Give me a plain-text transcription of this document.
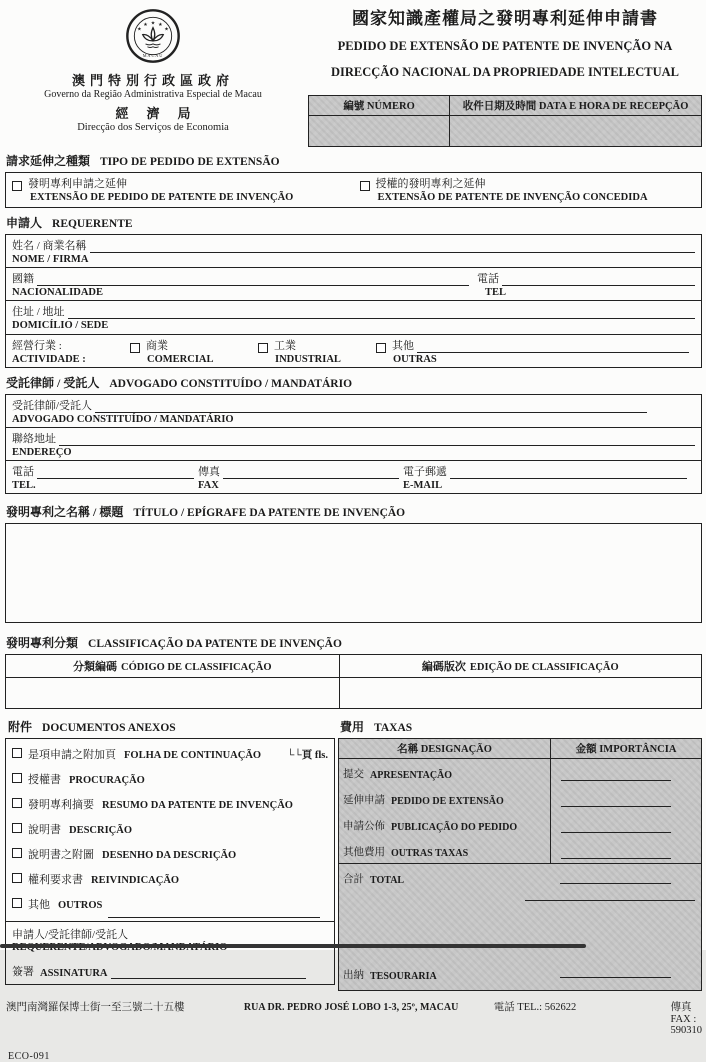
★
★ ★
★	★
MACAU
澳門特別行政區政府
Governo da Região Administrativa Especial de Macau
經濟局
Direcção dos Serviços de Economia
國家知識產權局之發明專利延伸申請書
PEDIDO DE EXTENSÃO DE PATENTE DE INVENÇÃO NA
DIRECÇÃO NACIONAL DA PROPRIEDADE INTELECTUAL
編號 NÚMERO	收件日期及時間 DATA E HORA DE RECEPÇÃO
請求延伸之種類 TIPO DE PEDIDO DE EXTENSÃO
發明專利申請之延伸
EXTENSÃO DE PEDIDO DE PATENTE DE INVENÇÃO
授權的發明專利之延伸
EXTENSÃO DE PATENTE DE INVENÇÃO CONCEDIDA
申請人 REQUERENTE
姓名 / 商業名稱
NOME / FIRMA
國籍	電話
NACIONALIDADE	TEL
住址 / 地址
DOMICÍLIO / SEDE
經營行業 :
ACTIVIDADE :
商業
COMERCIAL
工業
INDUSTRIAL
其他
OUTRAS
受託律師 / 受託人 ADVOGADO CONSTITUÍDO / MANDATÁRIO
受託律師/受託人
ADVOGADO CONSTITUÍDO / MANDATÁRIO
聯絡地址
ENDEREÇO
電話
TEL.
傳真
FAX
電子郵遞
E-MAIL
發明專利之名稱 / 標題 TÍTULO / EPÍGRAFE DA PATENTE DE INVENÇÃO
發明專利分類 CLASSIFICAÇÃO DA PATENTE DE INVENÇÃO
分類編碼 CÓDIGO DE CLASSIFICAÇÃO	編碼版次 EDIÇÃO DE CLASSIFICAÇÃO
附件 DOCUMENTOS ANEXOS
是項申請之附加頁 FOLHA DE CONTINUAÇÃO └└頁 fls.
授權書 PROCURAÇÃO
發明專利摘要 RESUMO DA PATENTE DE INVENÇÃO
說明書 DESCRIÇÃO
說明書之附圖 DESENHO DA DESCRIÇÃO
權利要求書 REIVINDICAÇÃO
其他 OUTROS
申請人/受託律師/受託人
簽署 ASSINATURA
費用 TAXAS
名稱 DESIGNAÇÃO	金額 IMPORTÂNCIA
提交 APRESENTAÇÃO
延伸申請 PEDIDO DE EXTENSÃO
申請公佈 PUBLICAÇÃO DO PEDIDO
其他費用 OUTRAS TAXAS
合計 TOTAL
出納 TESOURARIA
澳門南灣羅保博士街一至三號二十五樓	RUA DR. PEDRO JOSÉ LOBO 1-3, 25º, MACAU	電話 TEL.: 562622	傳真 FAX : 590310
ECO-091
